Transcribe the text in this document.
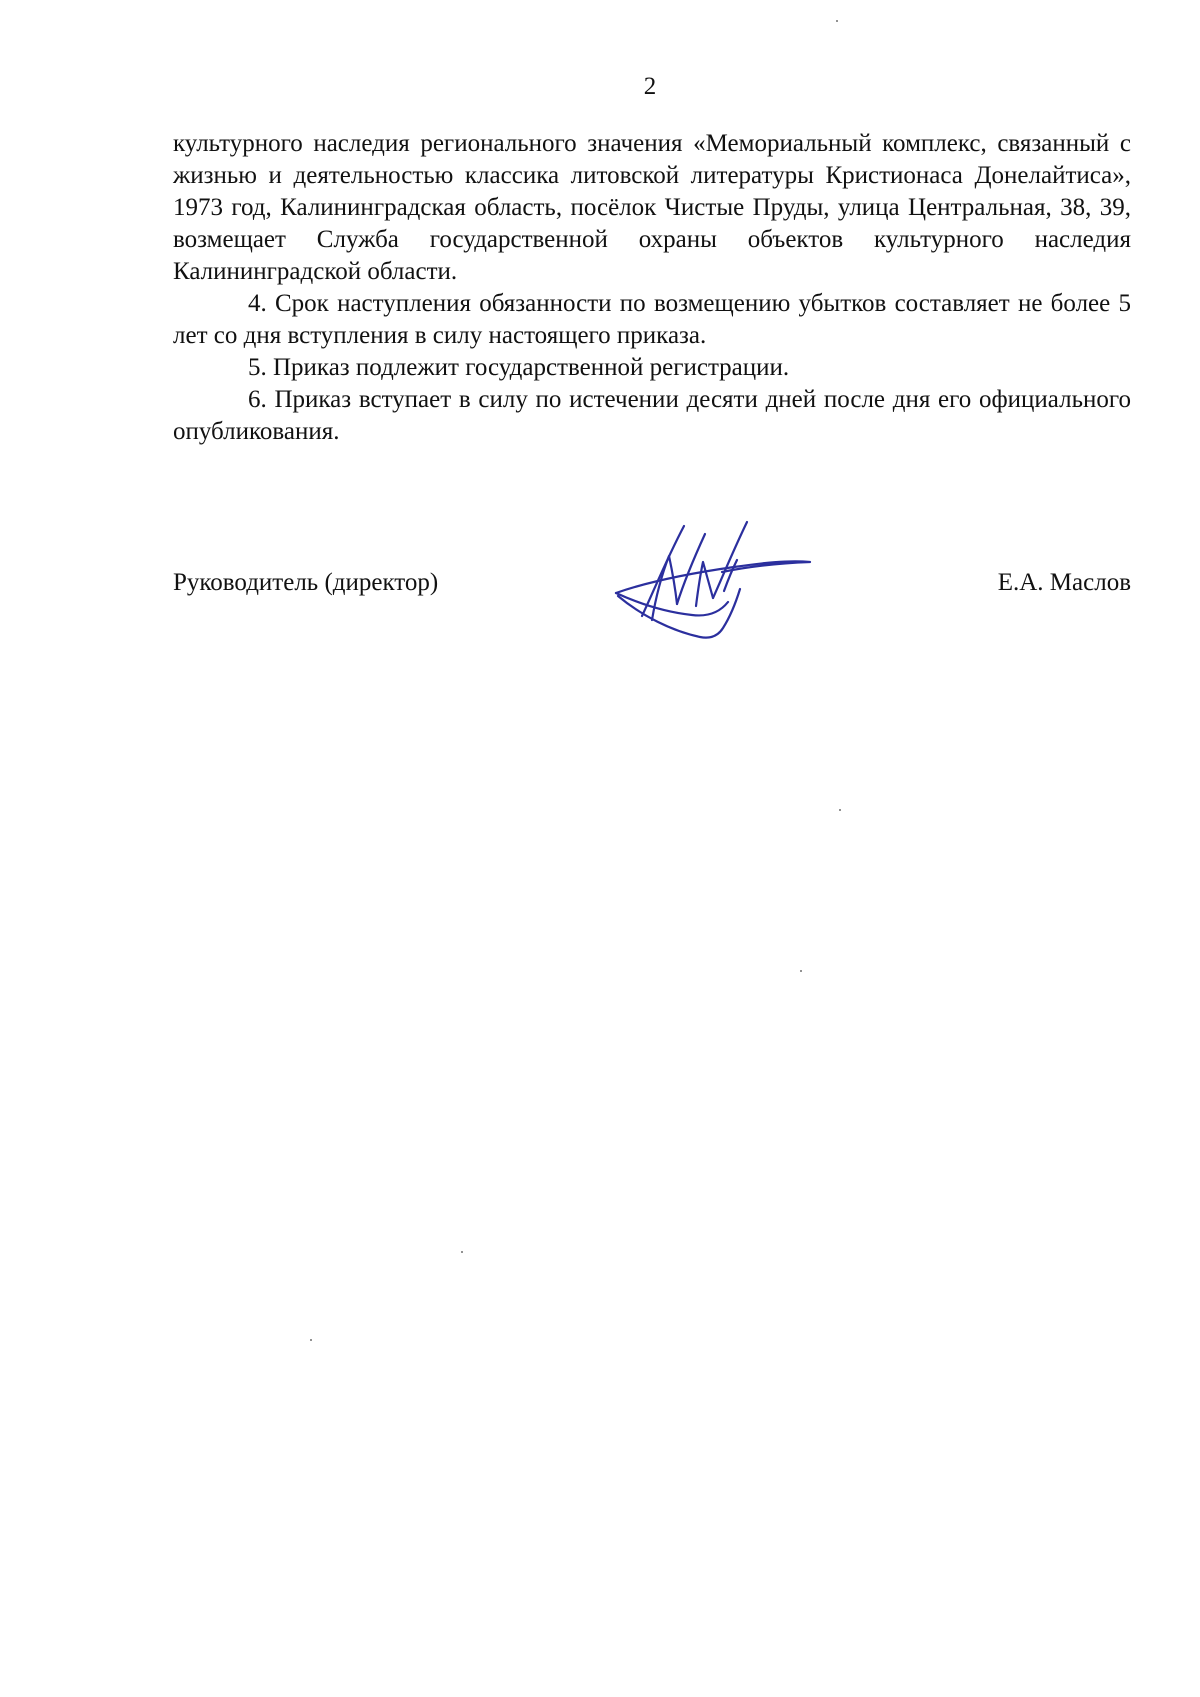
2

культурного наследия регионального значения «Мемориальный комплекс, связанный с жизнью и деятельностью классика литовской литературы Кристионаса Донелайтиса», 1973 год, Калининградская область, посёлок Чистые Пруды, улица Центральная, 38, 39, возмещает Служба государственной охраны объектов культурного наследия Калининградской области.

4. Срок наступления обязанности по возмещению убытков составляет не более 5 лет со дня вступления в силу настоящего приказа.

5. Приказ подлежит государственной регистрации.

6. Приказ вступает в силу по истечении десяти дней после дня его официального опубликования.

Руководитель (директор)	Е.А. Маслов
